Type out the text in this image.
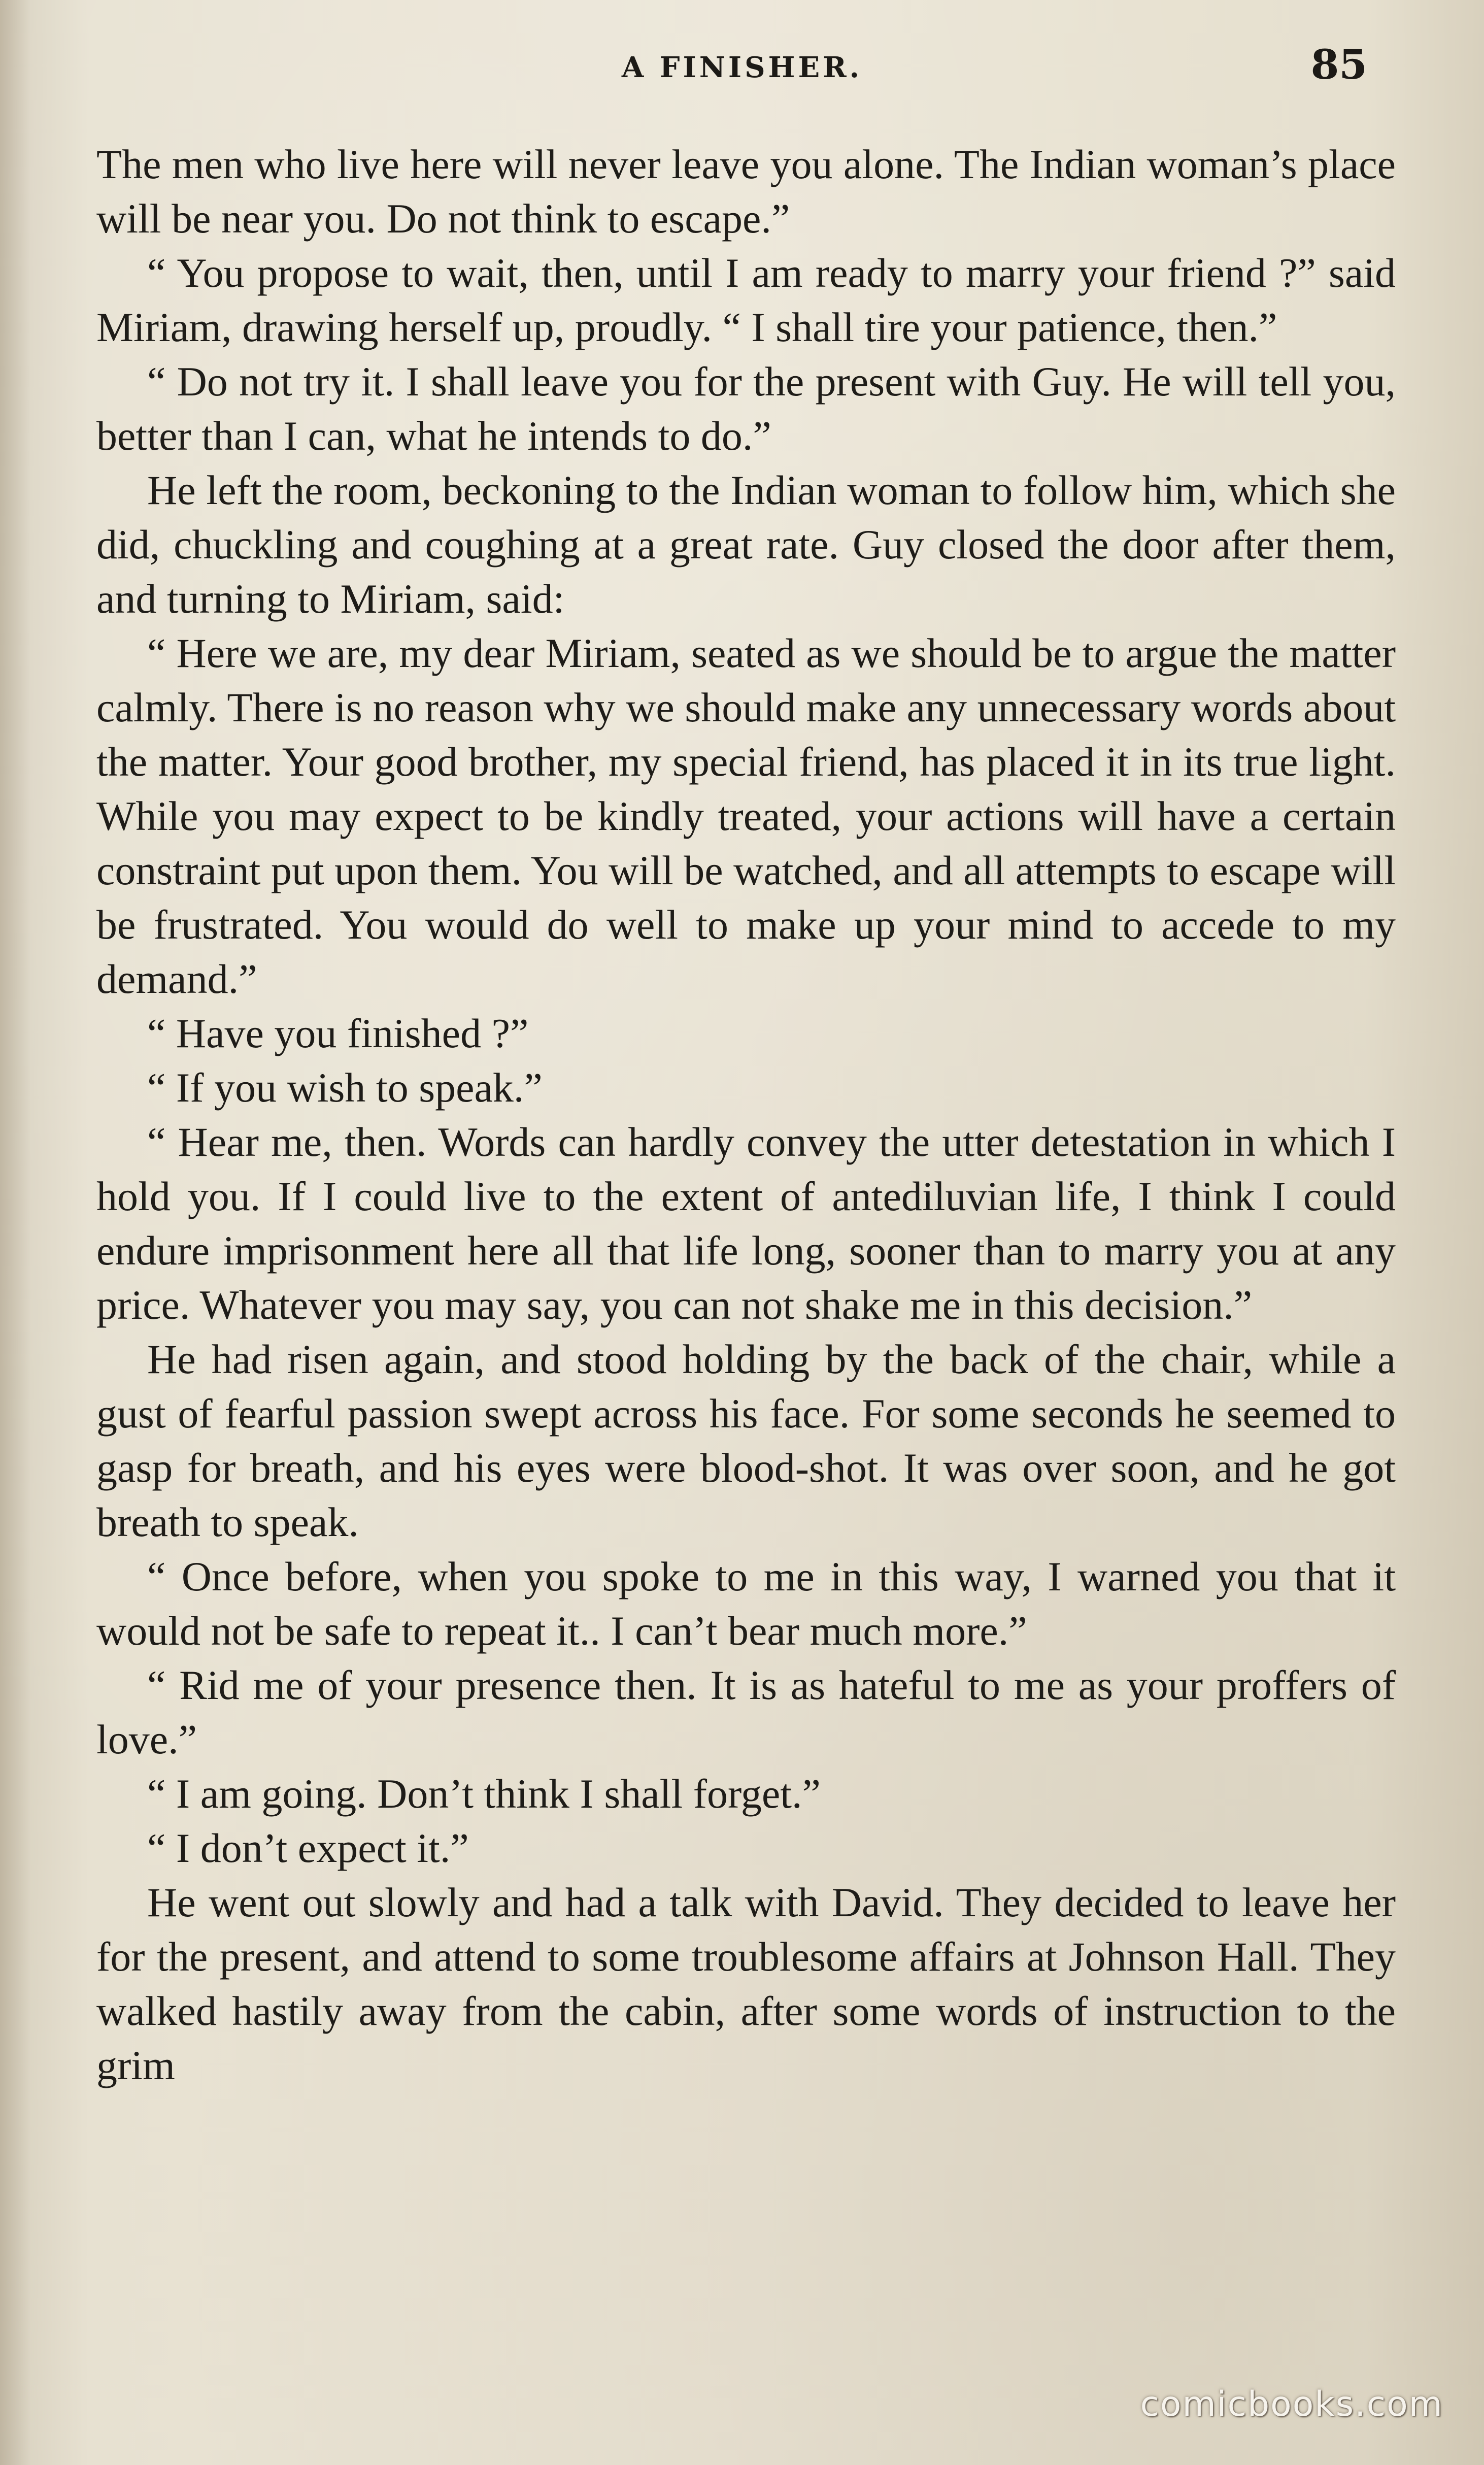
A FINISHER.	85

The men who live here will never leave you alone. The Indian woman’s place will be near you. Do not think to escape.”

“ You propose to wait, then, until I am ready to marry your friend ?” said Miriam, drawing herself up, proudly. “ I shall tire your patience, then.”

“ Do not try it. I shall leave you for the present with Guy. He will tell you, better than I can, what he intends to do.”

He left the room, beckoning to the Indian woman to follow him, which she did, chuckling and coughing at a great rate. Guy closed the door after them, and turning to Miriam, said:

“ Here we are, my dear Miriam, seated as we should be to argue the matter calmly. There is no reason why we should make any unnecessary words about the matter. Your good brother, my special friend, has placed it in its true light. While you may expect to be kindly treated, your actions will have a certain constraint put upon them. You will be watched, and all attempts to escape will be frustrated. You would do well to make up your mind to accede to my demand.”

“ Have you finished ?”

“ If you wish to speak.”

“ Hear me, then. Words can hardly convey the utter detestation in which I hold you. If I could live to the extent of antediluvian life, I think I could endure imprisonment here all that life long, sooner than to marry you at any price. Whatever you may say, you can not shake me in this decision.”

He had risen again, and stood holding by the back of the chair, while a gust of fearful passion swept across his face. For some seconds he seemed to gasp for breath, and his eyes were blood-shot. It was over soon, and he got breath to speak.

“ Once before, when you spoke to me in this way, I warned you that it would not be safe to repeat it.. I can’t bear much more.”

“ Rid me of your presence then. It is as hateful to me as your proffers of love.”

“ I am going. Don’t think I shall forget.”

“ I don’t expect it.”

He went out slowly and had a talk with David. They decided to leave her for the present, and attend to some troublesome affairs at Johnson Hall. They walked hastily away from the cabin, after some words of instruction to the grim

comicbooks.com
